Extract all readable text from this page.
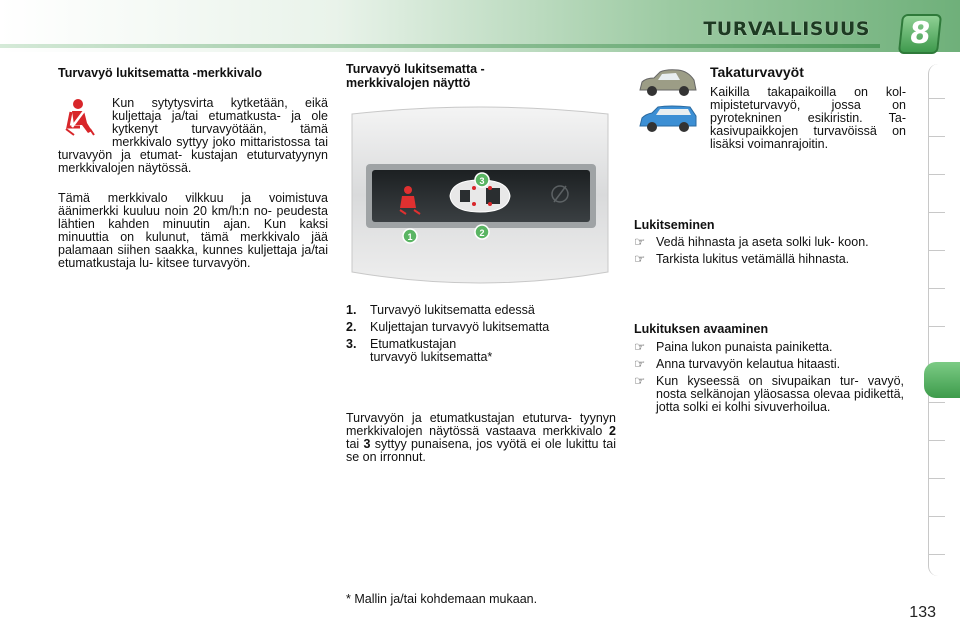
TURVALLISUUS	8
Turvavyö lukitsematta -merkkivalo
Kun sytytysvirta kytketään, eikä kuljettaja ja/tai etumatkusta- ja ole kytkenyt turvavyötään, tämä merkkivalo syttyy joko mittaristossa tai turvavyön ja etumat- kustajan etuturvatyynyn merkkivalojen näytössä.
Tämä merkkivalo vilkkuu ja voimistuva äänimerkki kuuluu noin 20 km/h:n no- peudesta lähtien kahden minuutin ajan. Kun kaksi minuuttia on kulunut, tämä merkkivalo jää palamaan siihen saakka, kunnes kuljettaja ja/tai etumatkustaja lu- kitsee turvavyön.
Turvavyö lukitsematta -
merkkivalojen näyttö
1	2
3
1.	Turvavyö lukitsematta edessä
2.	Kuljettajan turvavyö lukitsematta
3.	Etumatkustajan turvavyö lukitsematta*
Turvavyön ja etumatkustajan etuturva- tyynyn merkkivalojen näytössä vastaava merkkivalo 2 tai 3 syttyy punaisena, jos vyötä ei ole lukittu tai se on irronnut.
* Mallin ja/tai kohdemaan mukaan.
Takaturvavyöt
Kaikilla takapaikoilla on kol- mipisteturvavyö, jossa on pyrotekninen esikiristin. Ta- kasivupaikkojen turvavöissä on lisäksi voimanrajoitin.
Lukitseminen
☞ Vedä hihnasta ja aseta solki luk- koon.
☞ Tarkista lukitus vetämällä hihnasta.
Lukituksen avaaminen
☞ Paina lukon punaista painiketta.
☞ Anna turvavyön kelautua hitaasti.
☞ Kun kyseessä on sivupaikan tur- vavyö, nosta selkänojan yläosassa olevaa pidikettä, jotta solki ei kolhi sivuverhoilua.
133
